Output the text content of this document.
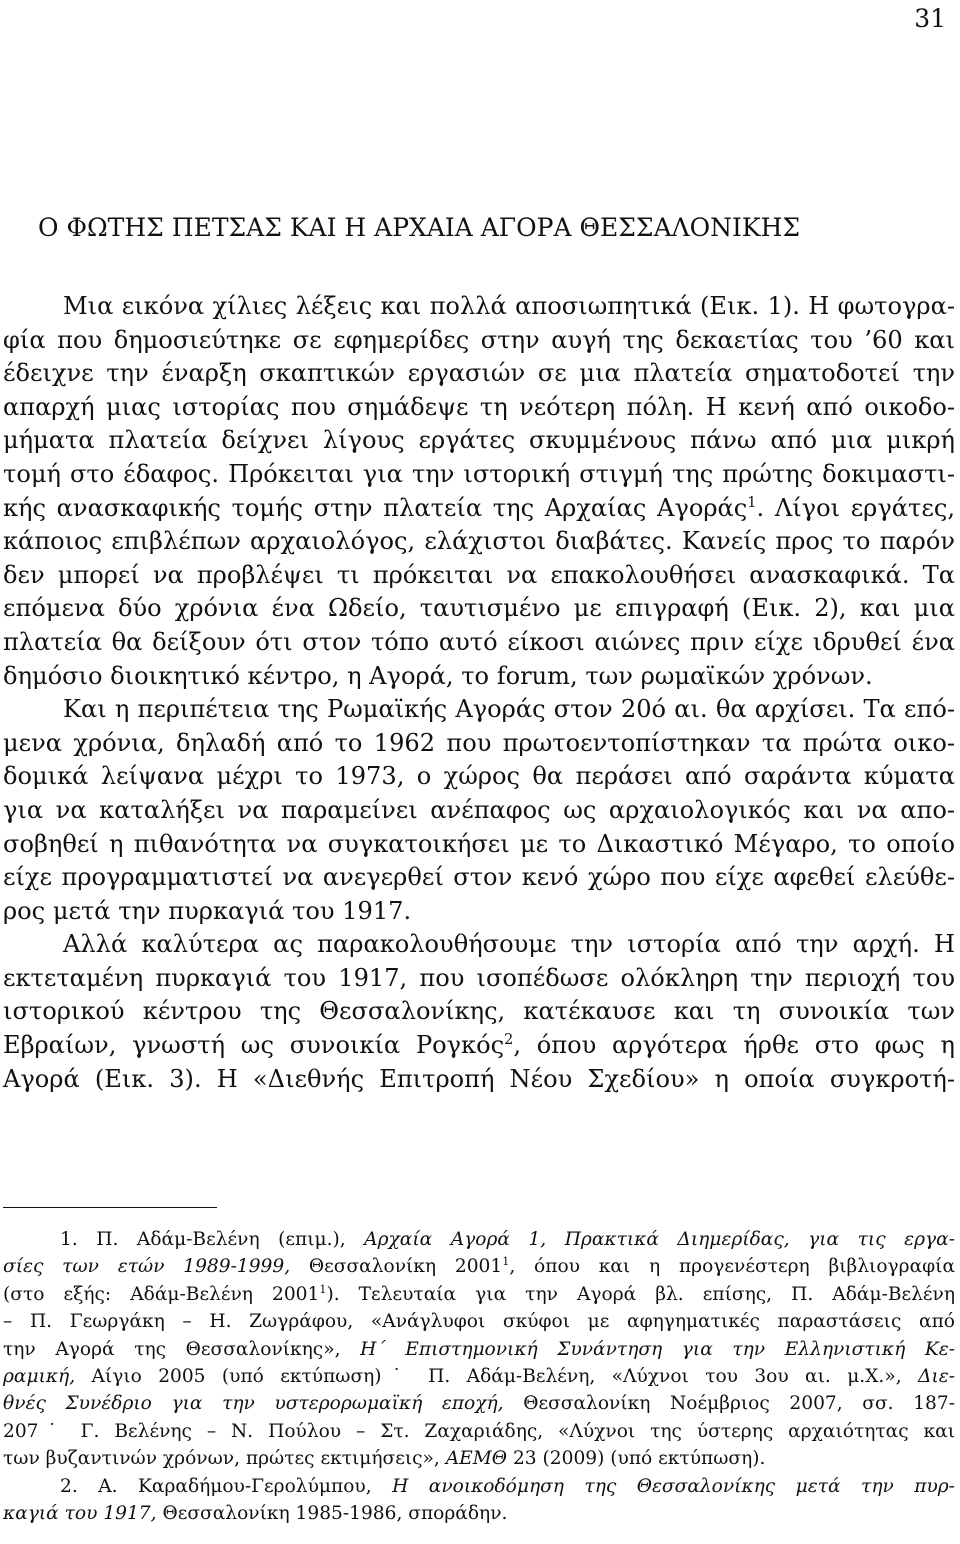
31
Ο ΦΩΤΗΣ ΠΕΤΣΑΣ ΚΑΙ Η ΑΡΧΑΙΑ ΑΓΟΡΑ ΘΕΣΣΑΛΟΝΙΚΗΣ
Μια εικόνα χίλιες λέξεις και πολλά αποσιωπητικά (Εικ. 1). Η φωτογρα-
φία που δημοσιεύτηκε σε εφημερίδες στην αυγή της δεκαετίας του ’60 και
έδειχνε την έναρξη σκαπτικών εργασιών σε μια πλατεία σηματοδοτεί την
απαρχή μιας ιστορίας που σημάδεψε τη νεότερη πόλη. Η κενή από οικοδο-
μήματα πλατεία δείχνει λίγους εργάτες σκυμμένους πάνω από μια μικρή
τομή στο έδαφος. Πρόκειται για την ιστορική στιγμή της πρώτης δοκιμαστι-
κής ανασκαφικής τομής στην πλατεία της Αρχαίας Αγοράς$^1$. Λίγοι εργάτες,
κάποιος επιβλέπων αρχαιολόγος, ελάχιστοι διαβάτες. Κανείς προς το παρόν
δεν μπορεί να προβλέψει τι πρόκειται να επακολουθήσει ανασκαφικά. Τα
επόμενα δύο χρόνια ένα Ωδείο, ταυτισμένο με επιγραφή (Εικ. 2), και μια
πλατεία θα δείξουν ότι στον τόπο αυτό είκοσι αιώνες πριν είχε ιδρυθεί ένα
δημόσιο διοικητικό κέντρο, η Αγορά, το forum, των ρωμαϊκών χρόνων.
Και η περιπέτεια της Ρωμαϊκής Αγοράς στον 20ό αι. θα αρχίσει. Τα επό-
μενα χρόνια, δηλαδή από το 1962 που πρωτοεντοπίστηκαν τα πρώτα οικο-
δομικά λείψανα μέχρι το 1973, ο χώρος θα περάσει από σαράντα κύματα
για να καταλήξει να παραμείνει ανέπαφος ως αρχαιολογικός και να απο-
σοβηθεί η πιθανότητα να συγκατοικήσει με το Δικαστικό Μέγαρο, το οποίο
είχε προγραμματιστεί να ανεγερθεί στον κενό χώρο που είχε αφεθεί ελεύθε-
ρος μετά την πυρκαγιά του 1917.
Αλλά καλύτερα ας παρακολουθήσουμε την ιστορία από την αρχή. Η
εκτεταμένη πυρκαγιά του 1917, που ισοπέδωσε ολόκληρη την περιοχή του
ιστορικού κέντρου της Θεσσαλονίκης, κατέκαυσε και τη συνοικία των
Εβραίων, γνωστή ως συνοικία Ρογκός$^2$, όπου αργότερα ήρθε στο φως η
Αγορά (Εικ. 3). Η «Διεθνής Επιτροπή Νέου Σχεδίου» η οποία συγκροτή-
1. Π. Αδάμ-Βελένη (επιμ.), Αρχαία Αγορά 1, Πρακτικά Διημερίδας, για τις εργα-
σίες των ετών 1989-1999, Θεσσαλονίκη 2001$^1$, όπου και η προγενέστερη βιβλιογραφία
(στο εξής: Αδάμ-Βελένη 2001$^1$). Τελευταία για την Αγορά βλ. επίσης, Π. Αδάμ-Βελένη
– Π. Γεωργάκη – Η. Ζωγράφου, «Ανάγλυφοι σκύφοι με αφηγηματικές παραστάσεις από
την Αγορά της Θεσσαλονίκης», Η΄ Επιστημονική Συνάντηση για την Ελληνιστική Κε-
ραμική, Αίγιο 2005 (υπό εκτύπωση)˙ Π. Αδάμ-Βελένη, «Λύχνοι του 3ου αι. μ.Χ.», Διε-
θνές Συνέδριο για την υστερορωμαϊκή εποχή, Θεσσαλονίκη Νοέμβριος 2007, σσ. 187-
207˙ Γ. Βελένης – Ν. Πούλου – Στ. Ζαχαριάδης, «Λύχνοι της ύστερης αρχαιότητας και
των βυζαντινών χρόνων, πρώτες εκτιμήσεις», ΑΕΜΘ 23 (2009) (υπό εκτύπωση).
2. Α. Καραδήμου-Γερολύμπου, Η ανοικοδόμηση της Θεσσαλονίκης μετά την πυρ-
καγιά του 1917, Θεσσαλονίκη 1985-1986, σποράδην.
